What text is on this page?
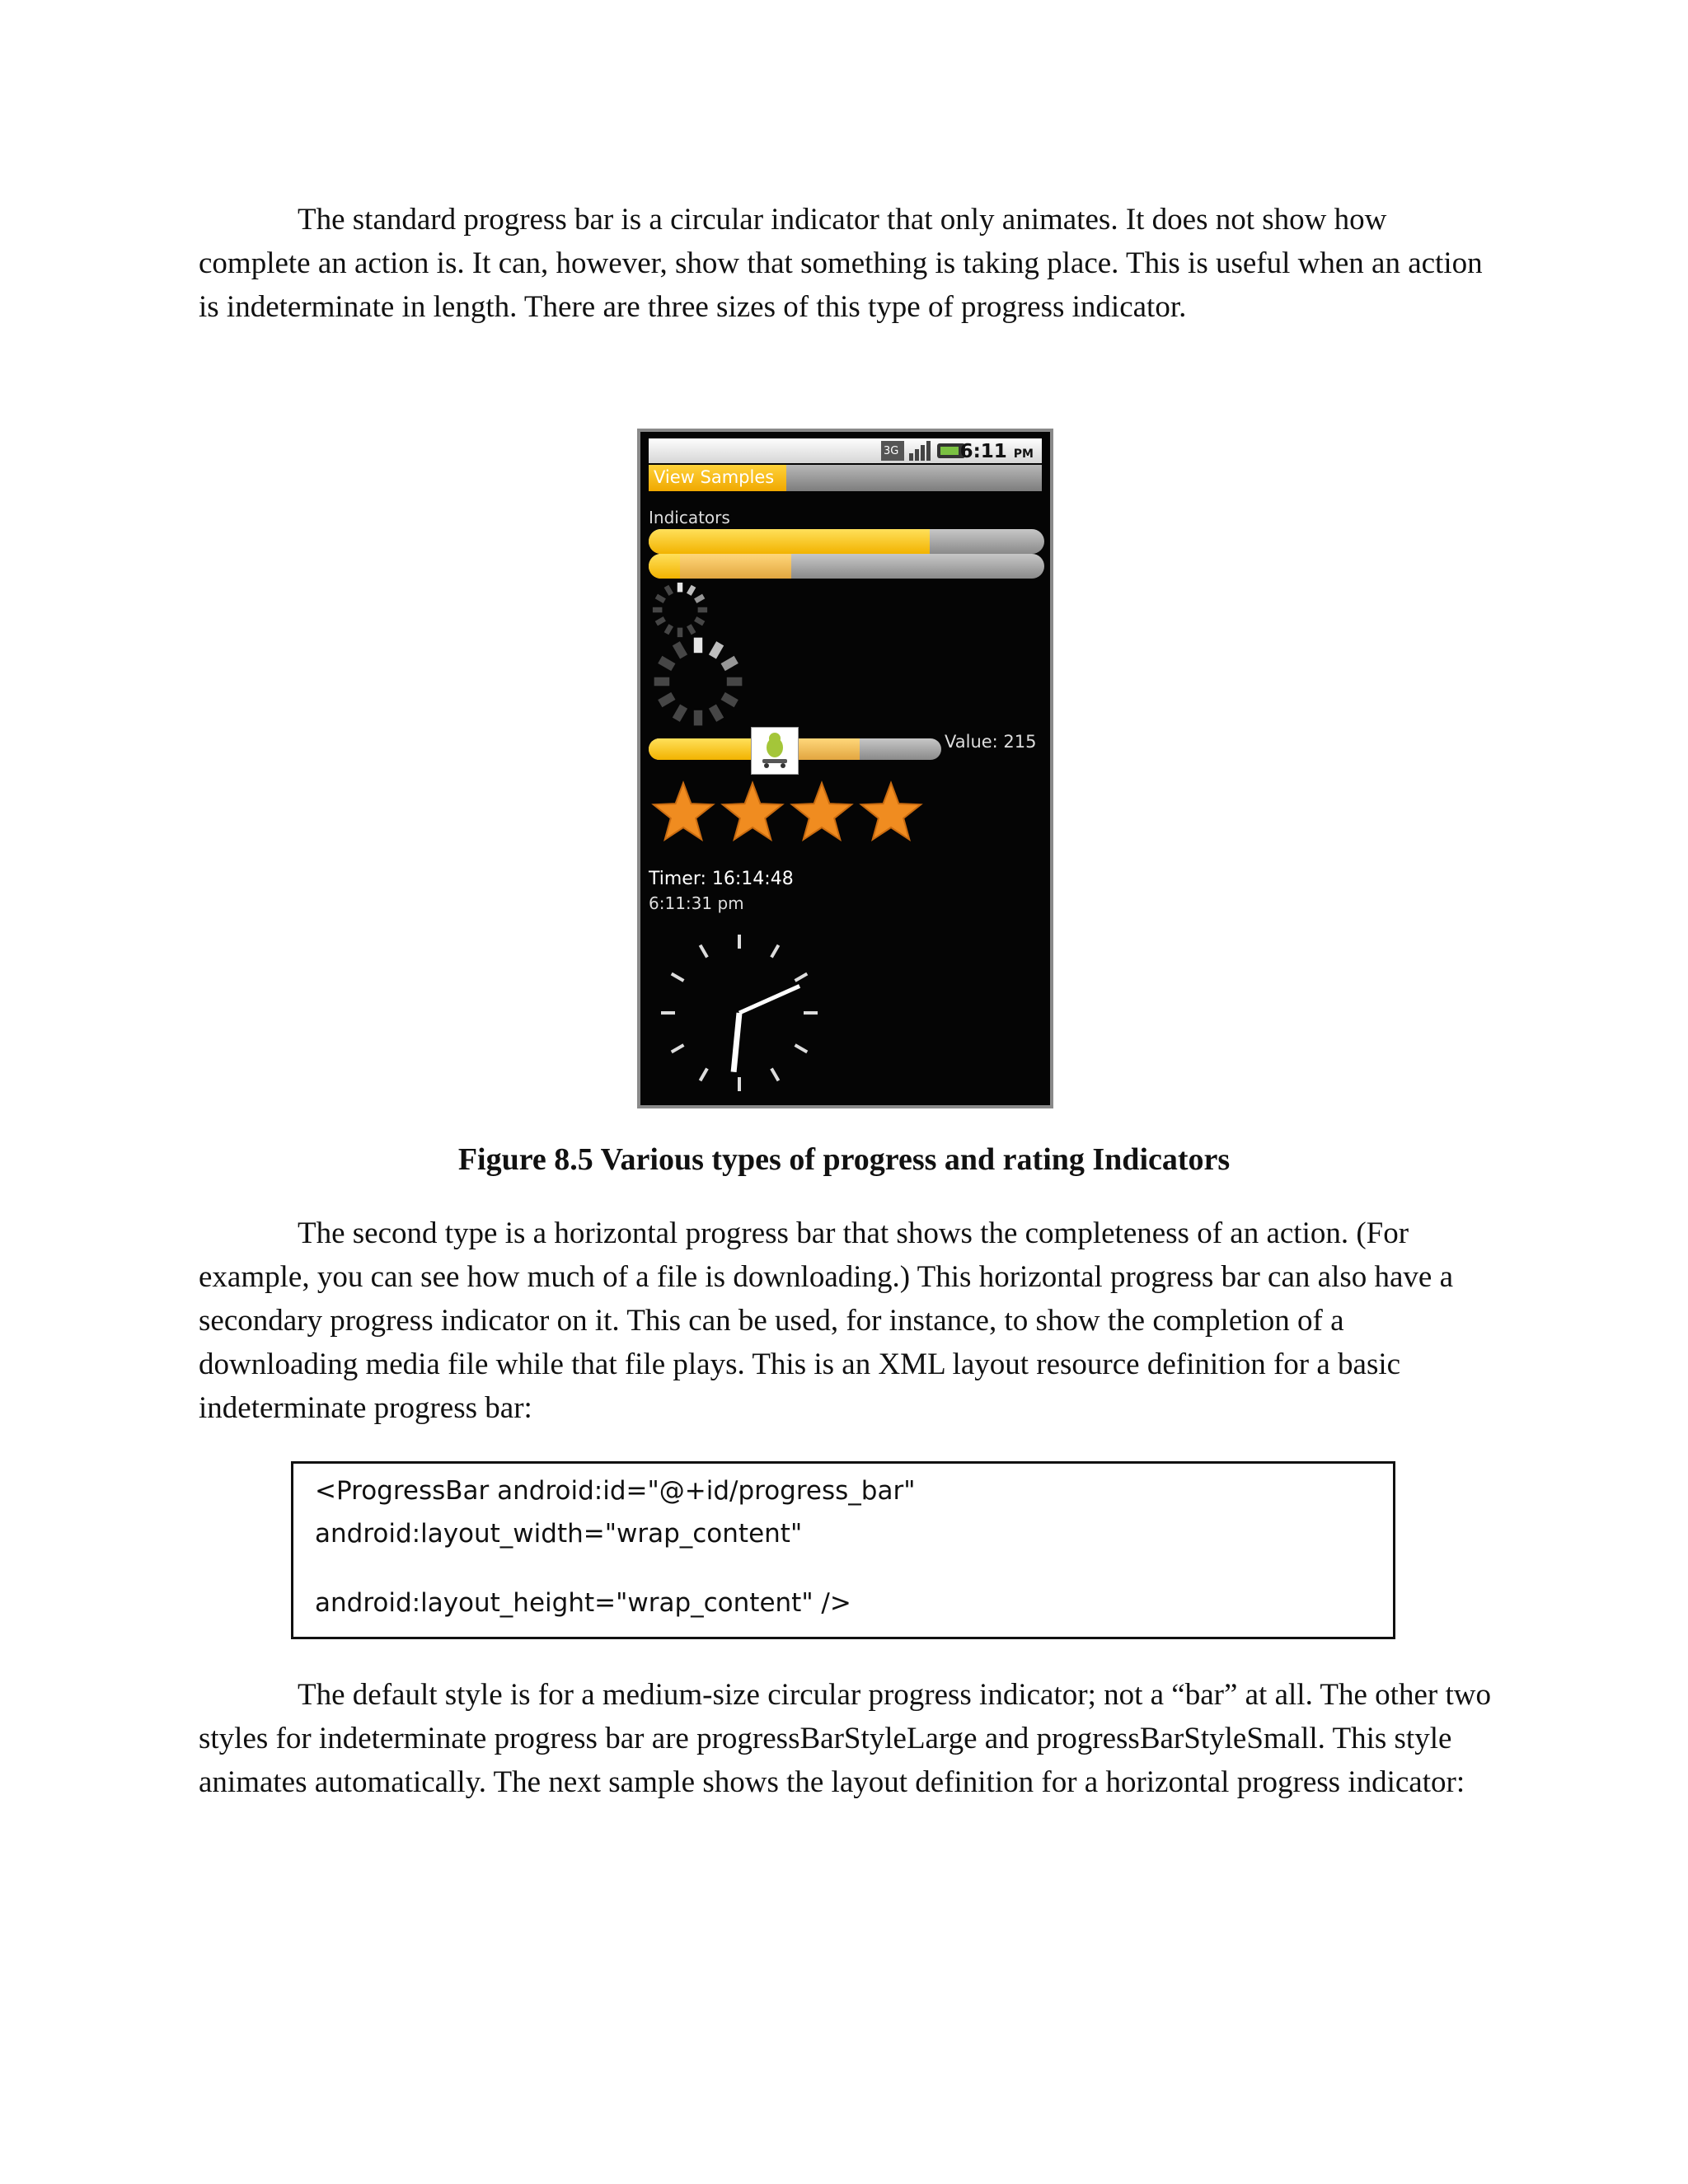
The standard progress bar is a circular indicator that only animates. It does not show how complete an action is. It can, however, show that something is taking place. This is useful when an action is indeterminate in length. There are three sizes of this type of progress indicator.

3G	6:11 PM
View Samples
Indicators
Value: 215
Timer: 16:14:48
6:11:31 pm

Figure 8.5 Various types of progress and rating Indicators

The second type is a horizontal progress bar that shows the completeness of an action. (For example, you can see how much of a file is downloading.) This horizontal progress bar can also have a secondary progress indicator on it. This can be used, for instance, to show the completion of a downloading media file while that file plays. This is an XML layout resource definition for a basic indeterminate progress bar:

<ProgressBar android:id="@+id/progress_bar"
android:layout_width="wrap_content"
android:layout_height="wrap_content" />

The default style is for a medium-size circular progress indicator; not a “bar” at all. The other two styles for indeterminate progress bar are progressBarStyleLarge and progressBarStyleSmall. This style animates automatically. The next sample shows the layout definition for a horizontal progress indicator:
